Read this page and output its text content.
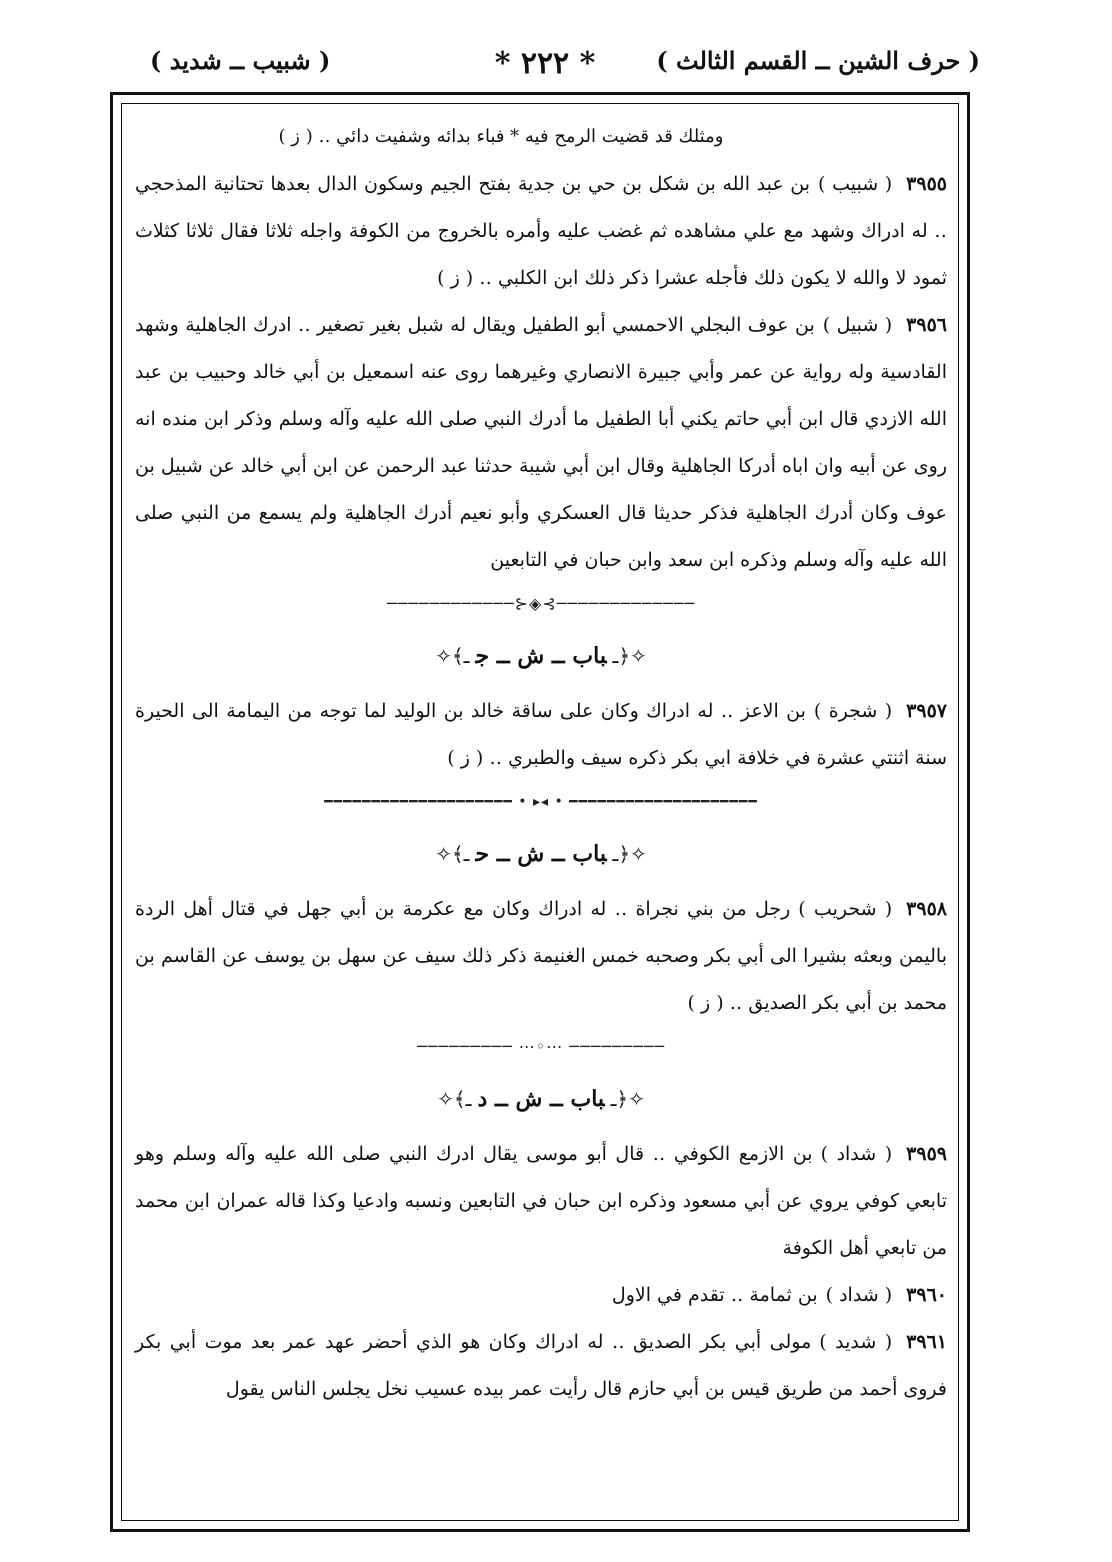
( حرف الشين ــ القسم الثالث )
* ٢٢٢ *
( شبيب ــ شديد )
ومثلك قد قضيت الرمح فيه * فباء بدائه وشفيت دائي ‥ ( ز )

٣٩٥٥( شبيب )بن عبد الله بن شكل بن حي بن جدية بفتح الجيم وسكون الدال بعدها تحتانية المذحجي ‥ له ادراك وشهد مع علي مشاهده ثم غضب عليه وأمره بالخروج من الكوفة واجله ثلاثا فقال ثلاثا كثلاث ثمود لا والله لا يكون ذلك فأجله عشرا ذكر ذلك ابن الكلبي ‥ ( ز )

٣٩٥٦( شبيل )بن عوف البجلي الاحمسي أبو الطفيل ويقال له شبل بغير تصغير ‥ ادرك الجاهلية وشهد القادسية وله رواية عن عمر وأبي جبيرة الانصاري وغيرهما روى عنه اسمعيل بن أبي خالد وحبيب بن عبد الله الازدي قال ابن أبي حاتم يكني أبا الطفيل ما أدرك النبي صلى الله عليه وآله وسلم وذكر ابن منده انه روى عن أبيه وان اباه أدركا الجاهلية وقال ابن أبي شيبة حدثنا عبد الرحمن عن ابن أبي خالد عن شبيل بن عوف وكان أدرك الجاهلية فذكر حديثا قال العسكري وأبو نعيم أدرك الجاهلية ولم يسمع من النبي صلى الله عليه وآله وسلم وذكره ابن سعد وابن حبان في التابعين

─────────────⊱◈⊰────────────
✧﴿ـباب ــ ش ــ جـ﴾✧

٣٩٥٧( شجرة )بن الاعز ‥ له ادراك وكان على ساقة خالد بن الوليد لما توجه من اليمامة الى الحيرة سنة اثنتي عشرة في خلافة ابي بكر ذكره سيف والطبري ‥ ( ز )

━━━━━━━━━━━━━━━━━━━━ • ◂▸ • ━━━━━━━━━━━━━━━━━━━━
✧﴿ـباب ــ ش ــ حـ﴾✧

٣٩٥٨( شحريب )رجل من بني نجراة ‥ له ادراك وكان مع عكرمة بن أبي جهل في قتال أهل الردة باليمن وبعثه بشيرا الى أبي بكر وصحبه خمس الغنيمة ذكر ذلك سيف عن سهل بن يوسف عن القاسم بن محمد بن أبي بكر الصديق ‥ ( ز )

───────── ⋯◦⋯ ─────────
✧﴿ـباب ــ ش ــ دـ﴾✧

٣٩٥٩( شداد )بن الازمع الكوفي ‥ قال أبو موسى يقال ادرك النبي صلى الله عليه وآله وسلم وهو تابعي كوفي يروي عن أبي مسعود وذكره ابن حبان في التابعين ونسبه وادعيا وكذا قاله عمران ابن محمد من تابعي أهل الكوفة

٣٩٦٠( شداد )بن ثمامة ‥ تقدم في الاول

٣٩٦١( شديد )مولى أبي بكر الصديق ‥ له ادراك وكان هو الذي أحضر عهد عمر بعد موت أبي بكر فروى أحمد من طريق قيس بن أبي حازم قال رأيت عمر بيده عسيب نخل يجلس الناس يقول
